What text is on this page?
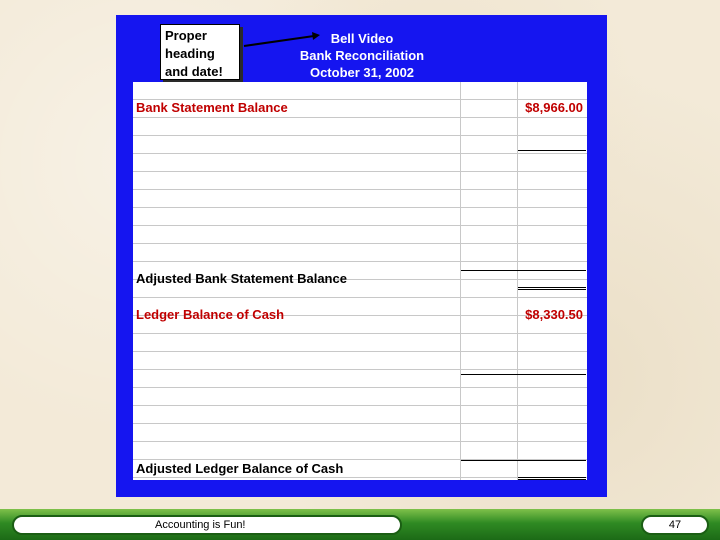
Proper
heading
and date!
Bell Video
Bank Reconciliation
October 31, 2002
Bank Statement Balance	$8,966.00
Adjusted Bank Statement Balance
Ledger Balance of Cash	$8,330.50
Adjusted Ledger Balance of Cash
Accounting is Fun!	47
